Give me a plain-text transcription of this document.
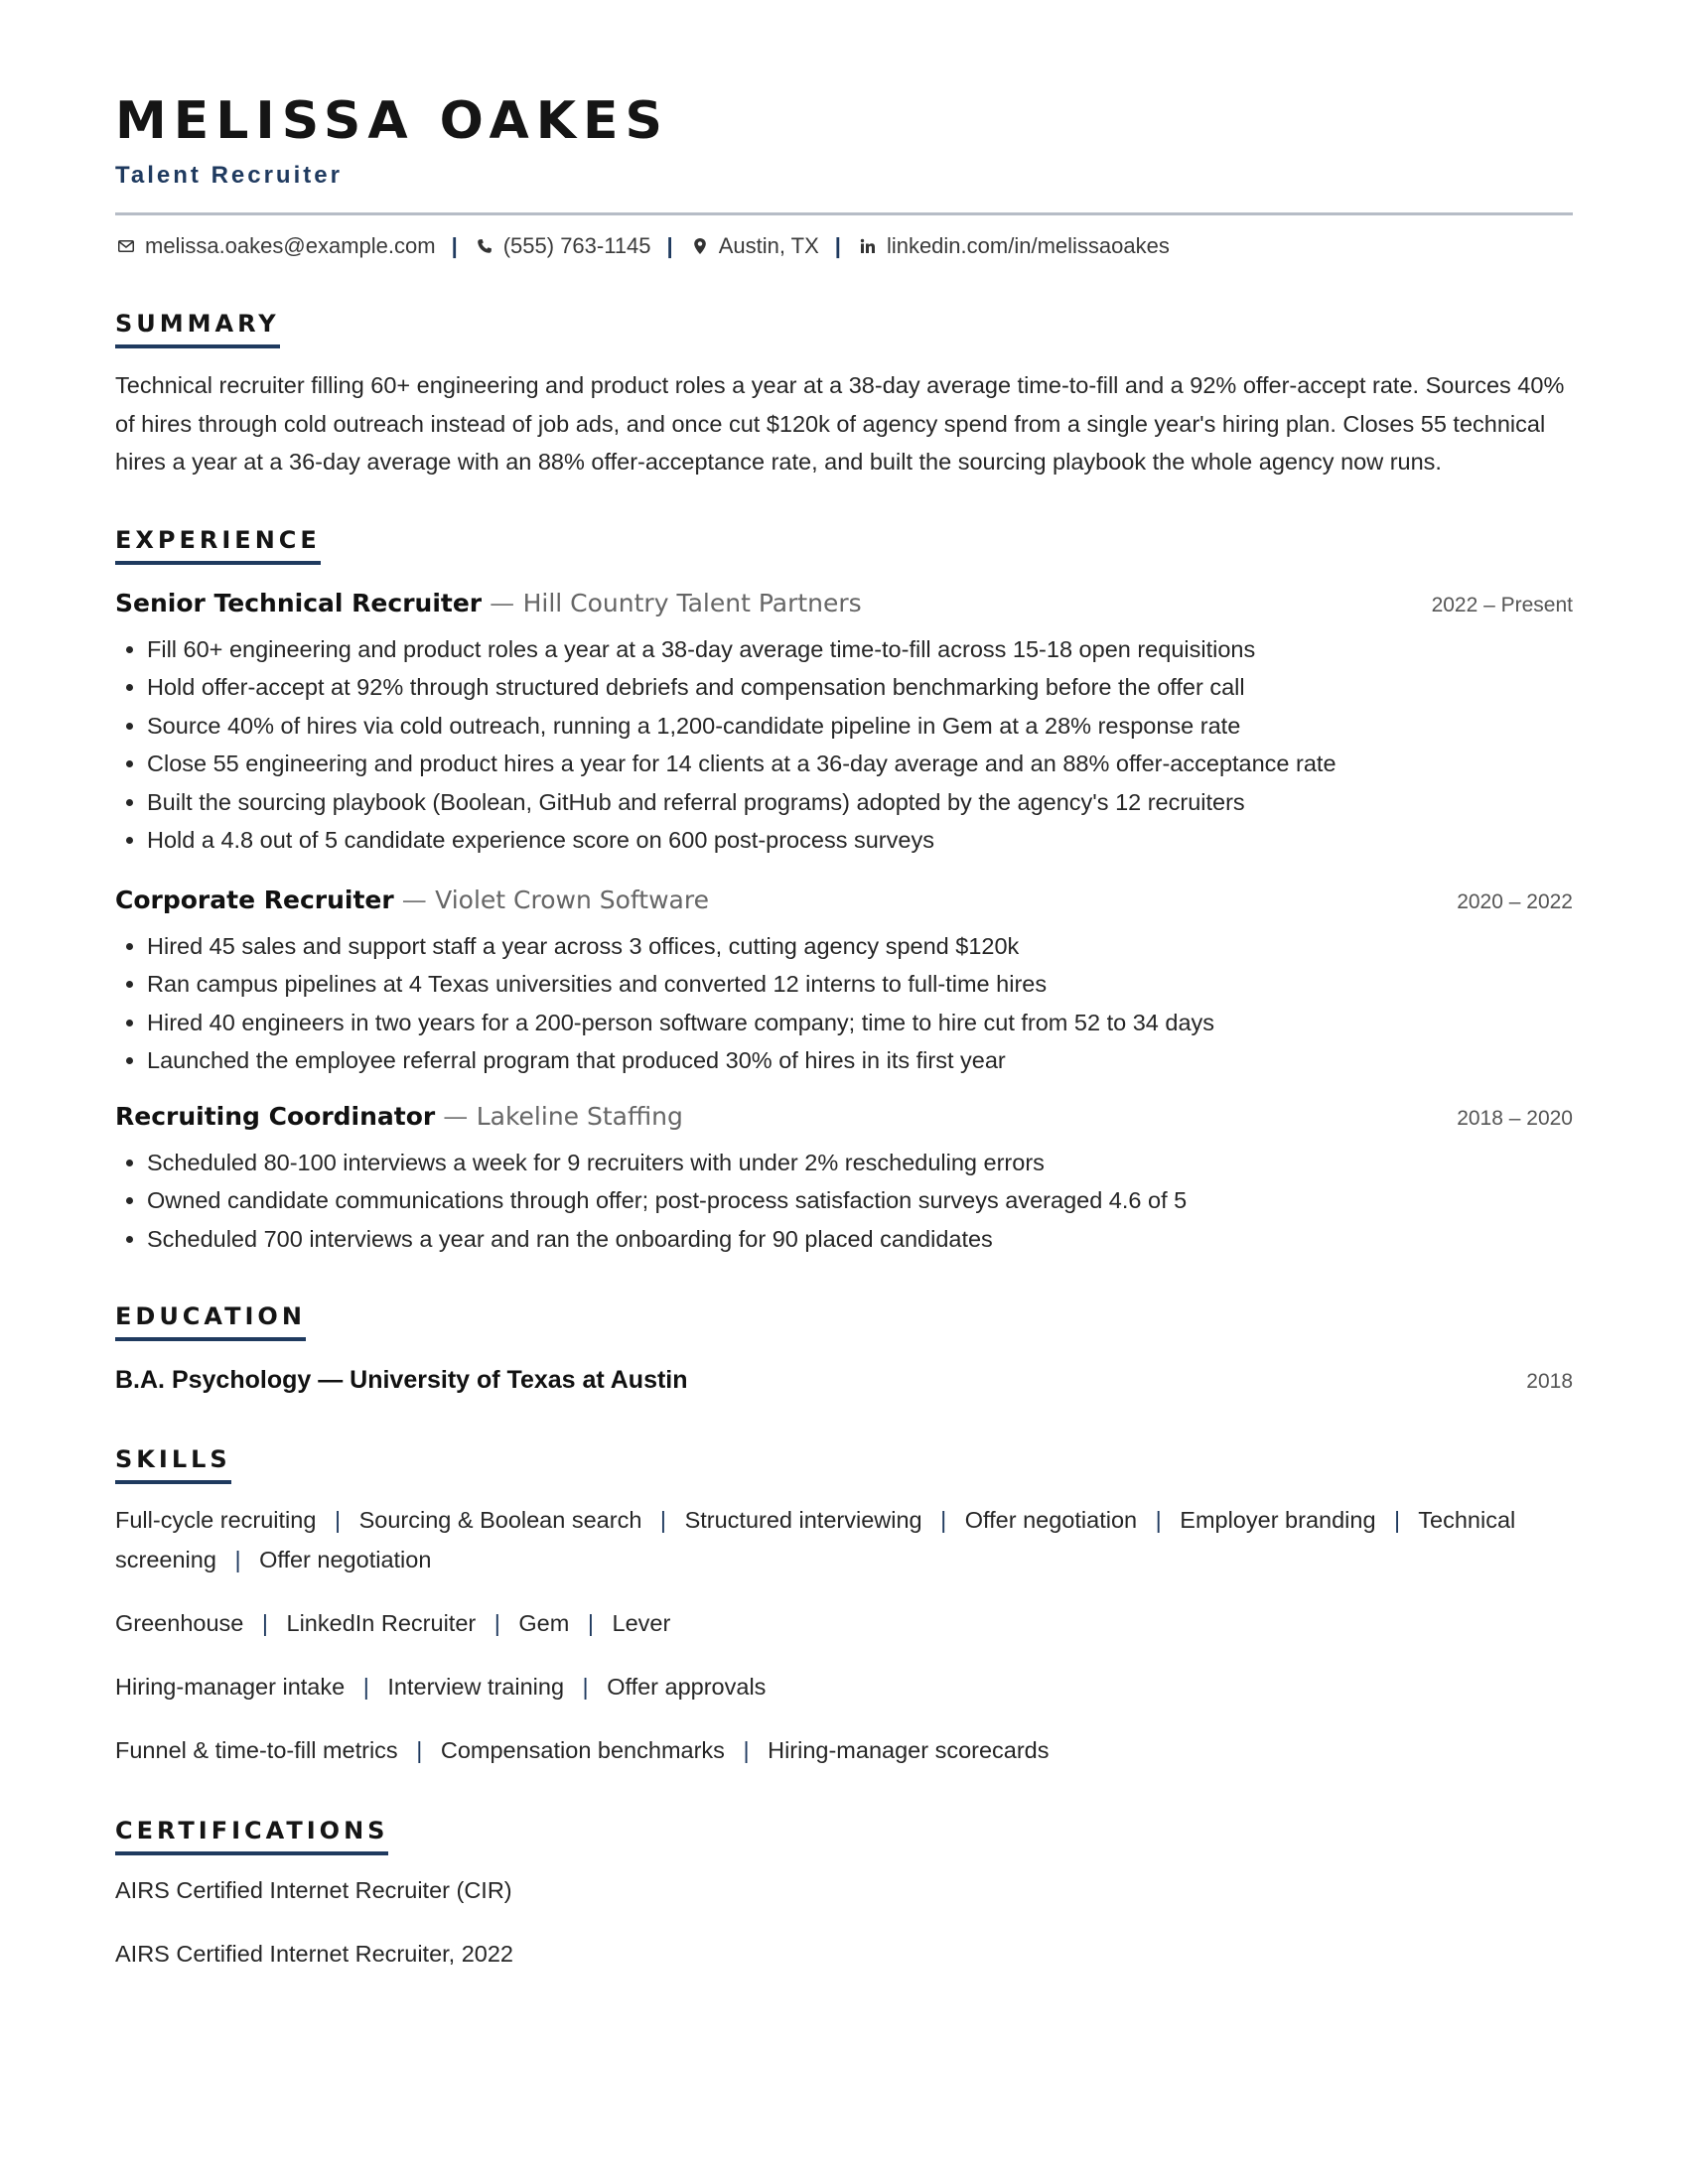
MELISSA OAKES
Talent Recruiter
melissa.oakes@example.com | (555) 763-1145 | Austin, TX | linkedin.com/in/melissaoakes
SUMMARY
Technical recruiter filling 60+ engineering and product roles a year at a 38-day average time-to-fill and a 92% offer-accept rate. Sources 40% of hires through cold outreach instead of job ads, and once cut $120k of agency spend from a single year's hiring plan. Closes 55 technical hires a year at a 36-day average with an 88% offer-acceptance rate, and built the sourcing playbook the whole agency now runs.
EXPERIENCE
Senior Technical Recruiter — Hill Country Talent Partners	2022 – Present
• Fill 60+ engineering and product roles a year at a 38-day average time-to-fill across 15-18 open requisitions
• Hold offer-accept at 92% through structured debriefs and compensation benchmarking before the offer call
• Source 40% of hires via cold outreach, running a 1,200-candidate pipeline in Gem at a 28% response rate
• Close 55 engineering and product hires a year for 14 clients at a 36-day average and an 88% offer-acceptance rate
• Built the sourcing playbook (Boolean, GitHub and referral programs) adopted by the agency's 12 recruiters
• Hold a 4.8 out of 5 candidate experience score on 600 post-process surveys
Corporate Recruiter — Violet Crown Software	2020 – 2022
• Hired 45 sales and support staff a year across 3 offices, cutting agency spend $120k
• Ran campus pipelines at 4 Texas universities and converted 12 interns to full-time hires
• Hired 40 engineers in two years for a 200-person software company; time to hire cut from 52 to 34 days
• Launched the employee referral program that produced 30% of hires in its first year
Recruiting Coordinator — Lakeline Staffing	2018 – 2020
• Scheduled 80-100 interviews a week for 9 recruiters with under 2% rescheduling errors
• Owned candidate communications through offer; post-process satisfaction surveys averaged 4.6 of 5
• Scheduled 700 interviews a year and ran the onboarding for 90 placed candidates
EDUCATION
B.A. Psychology — University of Texas at Austin	2018
SKILLS
Full-cycle recruiting | Sourcing & Boolean search | Structured interviewing | Offer negotiation | Employer branding | Technical screening | Offer negotiation
Greenhouse | LinkedIn Recruiter | Gem | Lever
Hiring-manager intake | Interview training | Offer approvals
Funnel & time-to-fill metrics | Compensation benchmarks | Hiring-manager scorecards
CERTIFICATIONS
AIRS Certified Internet Recruiter (CIR)
AIRS Certified Internet Recruiter, 2022
